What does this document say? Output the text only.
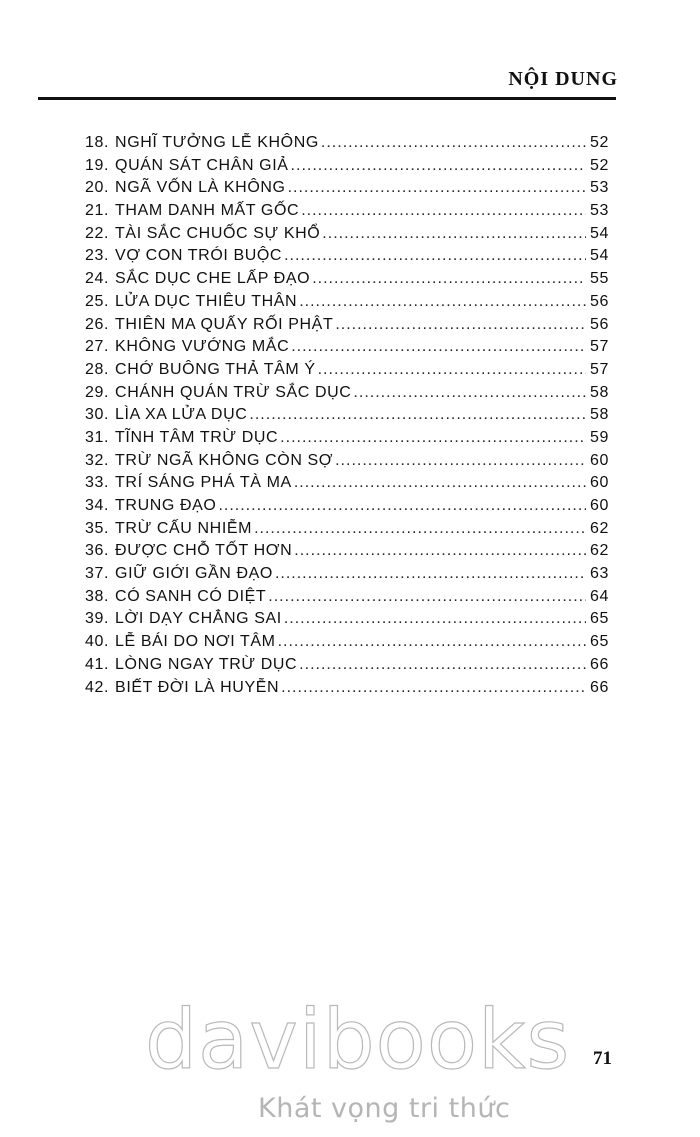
NỘI DUNG
18. NGHĨ TƯỞNG LỄ KHÔNG .....	52
19. QUÁN SÁT CHÂN GIẢ .....	52
20. NGÃ VỐN LÀ KHÔNG .....	53
21. THAM DANH MẤT GỐC .....	53
22. TÀI SẮC CHUỐC SỰ KHỔ .....	54
23. VỢ CON TRÓI BUỘC .....	54
24. SẮC DỤC CHE LẤP ĐẠO .....	55
25. LỬA DỤC THIÊU THÂN .....	56
26. THIÊN MA QUẤY RỐI PHẬT .....	56
27. KHÔNG VƯỚNG MẮC .....	57
28. CHỚ BUÔNG THẢ TÂM Ý .....	57
29. CHÁNH QUÁN TRỪ SẮC DỤC .....	58
30. LÌA XA LỬA DỤC .....	58
31. TĨNH TÂM TRỪ DỤC .....	59
32. TRỪ NGÃ KHÔNG CÒN SỢ .....	60
33. TRÍ SÁNG PHÁ TÀ MA .....	60
34. TRUNG ĐẠO .....	60
35. TRỪ CẤU NHIỄM .....	62
36. ĐƯỢC CHỖ TỐT HƠN .....	62
37. GIỮ GIỚI GẦN ĐẠO .....	63
38. CÓ SANH CÓ DIỆT .....	64
39. LỜI DẠY CHẲNG SAI .....	65
40. LỄ BÁI DO NƠI TÂM .....	65
41. LÒNG NGAY TRỪ DỤC .....	66
42. BIẾT ĐỜI LÀ HUYỄN .....	66
davibooks
Khát vọng tri thức
71
